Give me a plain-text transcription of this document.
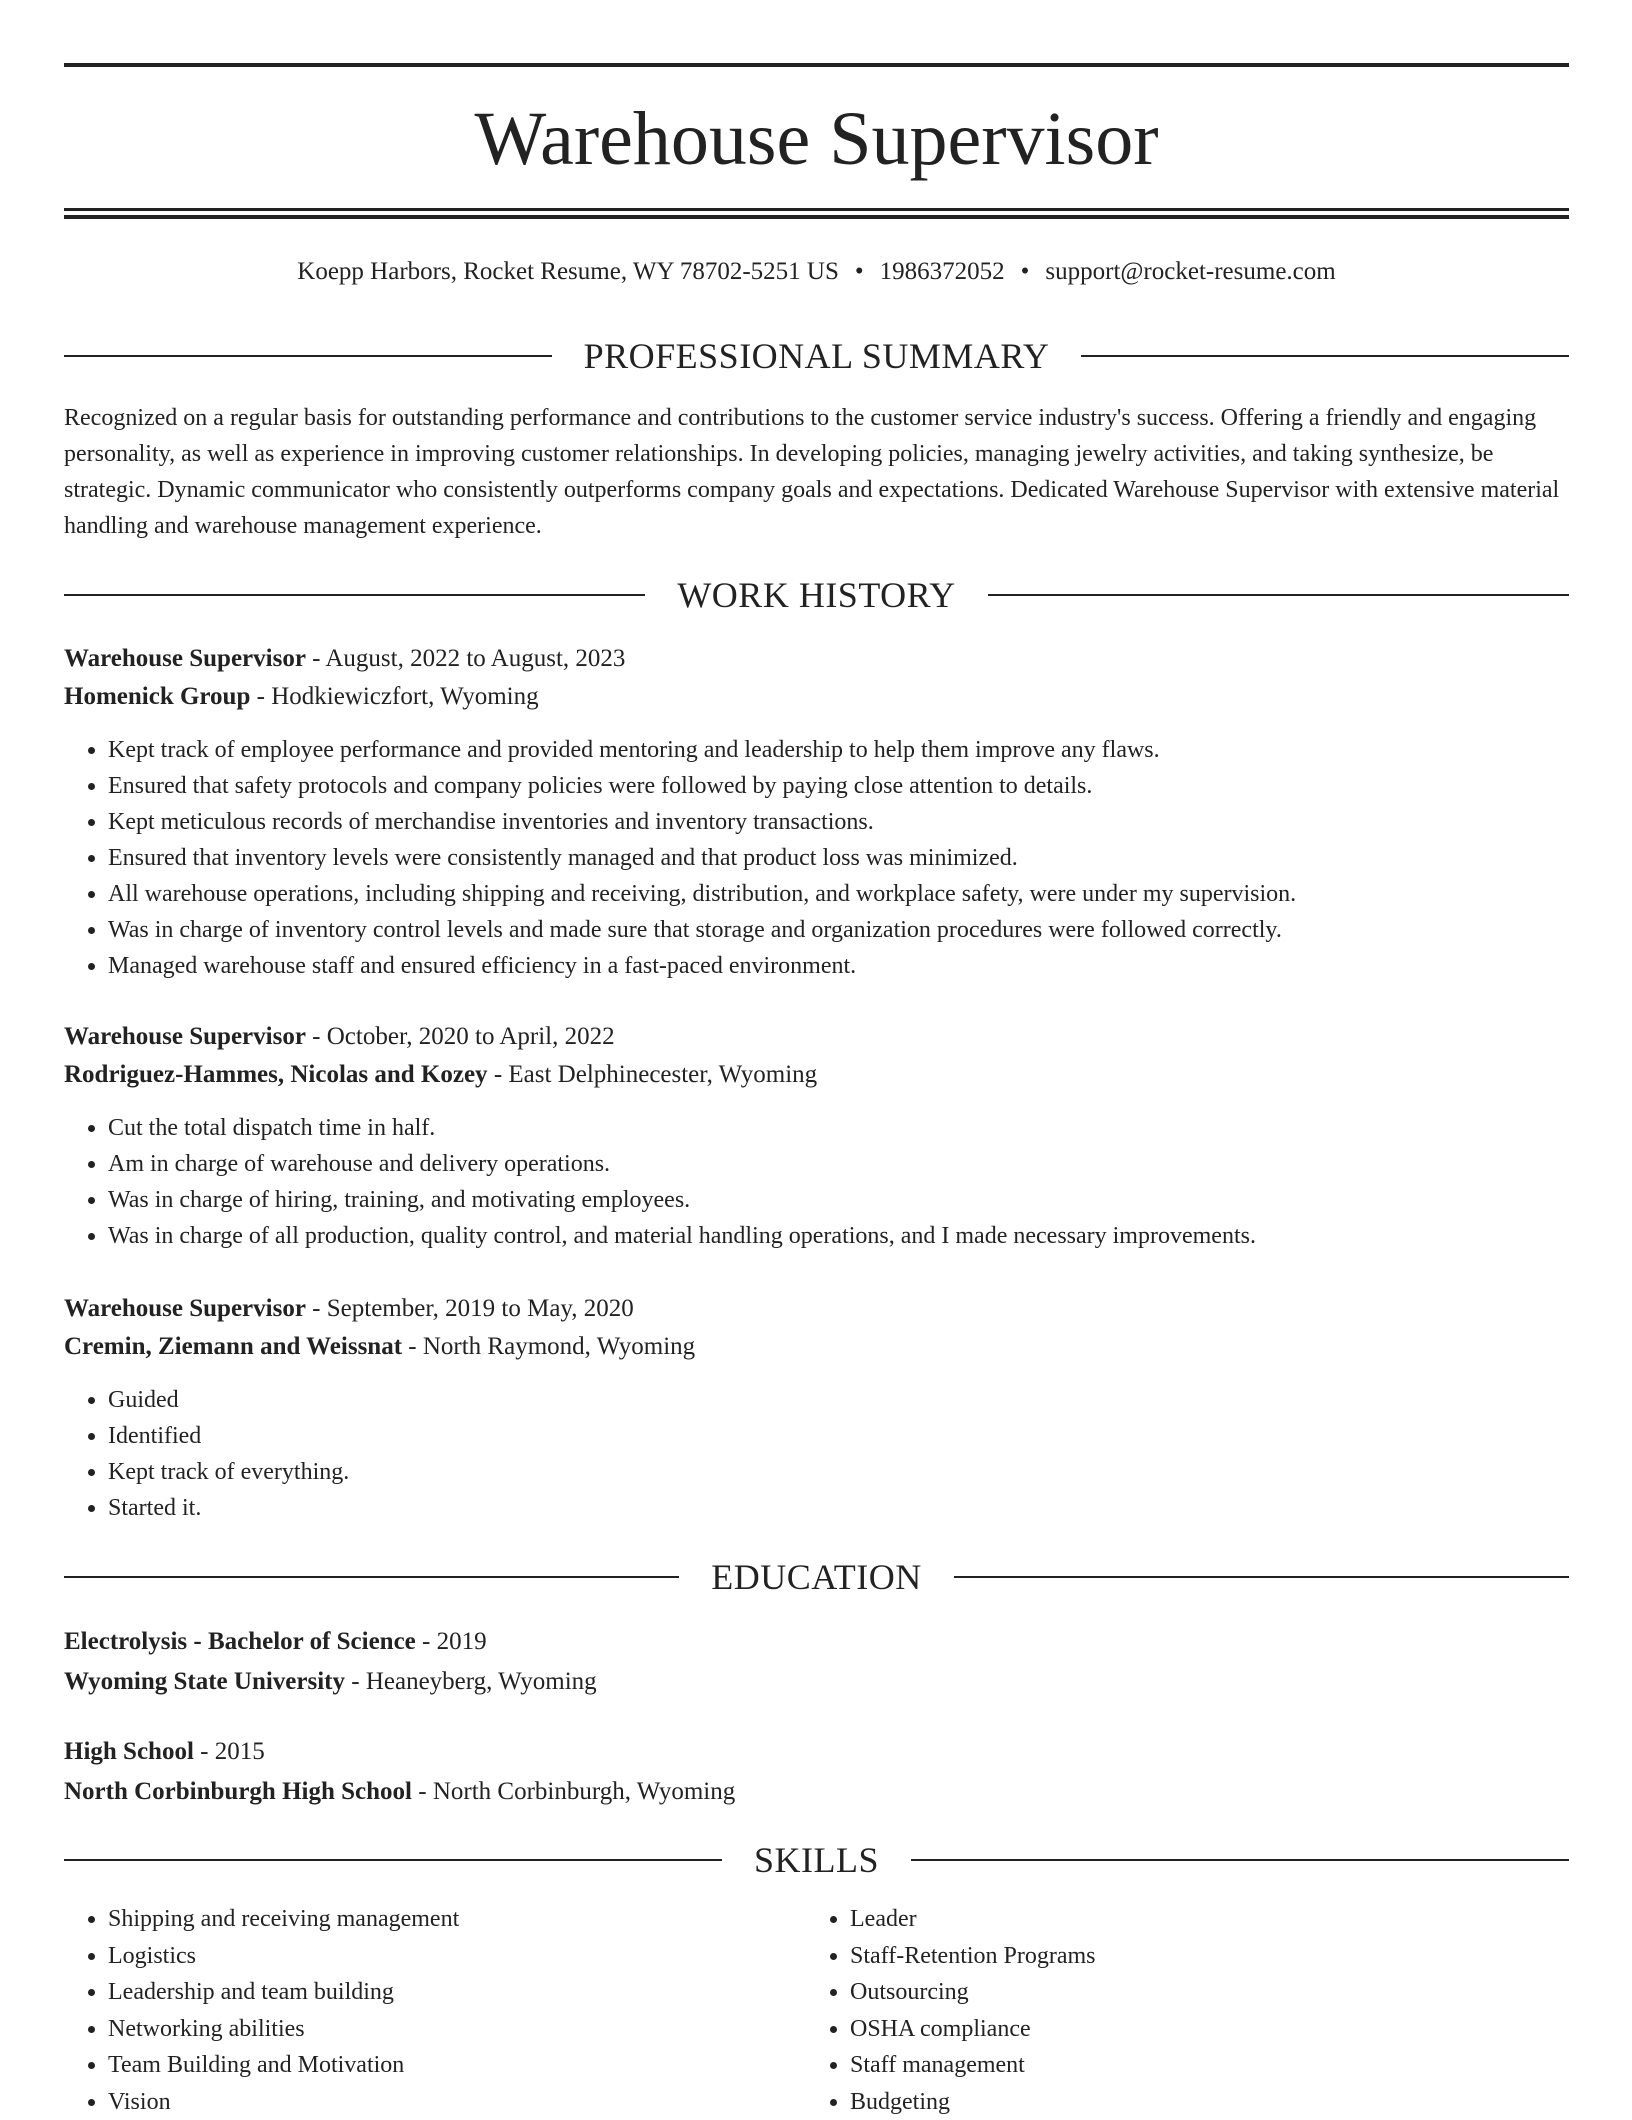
Warehouse Supervisor
Koepp Harbors, Rocket Resume, WY 78702-5251 US • 1986372052 • support@rocket-resume.com
PROFESSIONAL SUMMARY

Recognized on a regular basis for outstanding performance and contributions to the customer service industry's success. Offering a friendly and engaging personality, as well as experience in improving customer relationships. In developing policies, managing jewelry activities, and taking synthesize, be strategic. Dynamic communicator who consistently outperforms company goals and expectations. Dedicated Warehouse Supervisor with extensive material handling and warehouse management experience.

WORK HISTORY
Warehouse Supervisor - August, 2022 to August, 2023
Homenick Group - Hodkiewiczfort, Wyoming
• Kept track of employee performance and provided mentoring and leadership to help them improve any flaws.
• Ensured that safety protocols and company policies were followed by paying close attention to details.
• Kept meticulous records of merchandise inventories and inventory transactions.
• Ensured that inventory levels were consistently managed and that product loss was minimized.
• All warehouse operations, including shipping and receiving, distribution, and workplace safety, were under my supervision.
• Was in charge of inventory control levels and made sure that storage and organization procedures were followed correctly.
• Managed warehouse staff and ensured efficiency in a fast-paced environment.
Warehouse Supervisor - October, 2020 to April, 2022
Rodriguez-Hammes, Nicolas and Kozey - East Delphinecester, Wyoming
• Cut the total dispatch time in half.
• Am in charge of warehouse and delivery operations.
• Was in charge of hiring, training, and motivating employees.
• Was in charge of all production, quality control, and material handling operations, and I made necessary improvements.
Warehouse Supervisor - September, 2019 to May, 2020
Cremin, Ziemann and Weissnat - North Raymond, Wyoming
• Guided
• Identified
• Kept track of everything.
• Started it.
EDUCATION
Electrolysis - Bachelor of Science - 2019
Wyoming State University - Heaneyberg, Wyoming
High School - 2015
North Corbinburgh High School - North Corbinburgh, Wyoming
SKILLS
• Shipping and receiving management
• Logistics
• Leadership and team building
• Networking abilities
• Team Building and Motivation
• Vision
• Leader
• Staff-Retention Programs
• Outsourcing
• OSHA compliance
• Staff management
• Budgeting
